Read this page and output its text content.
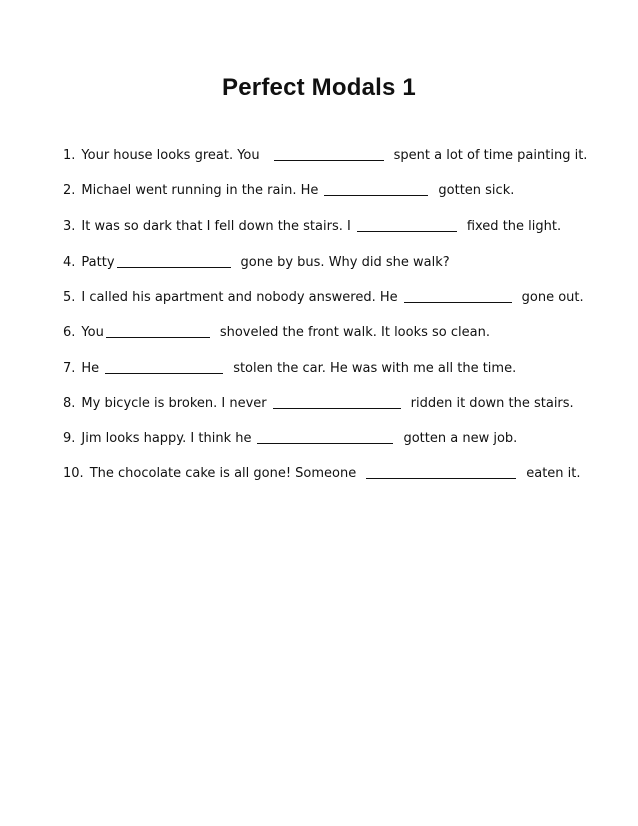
Perfect Modals 1
1. Your house looks great. You	spent a lot of time painting it.
2. Michael went running in the rain. He	gotten sick.
3. It was so dark that I fell down the stairs. I	fixed the light.
4. Patty	gone by bus. Why did she walk?
5. I called his apartment and nobody answered. He	gone out.
6. You	shoveled the front walk. It looks so clean.
7. He	stolen the car. He was with me all the time.
8. My bicycle is broken. I never	ridden it down the stairs.
9. Jim looks happy. I think he	gotten a new job.
10. The chocolate cake is all gone! Someone	eaten it.
